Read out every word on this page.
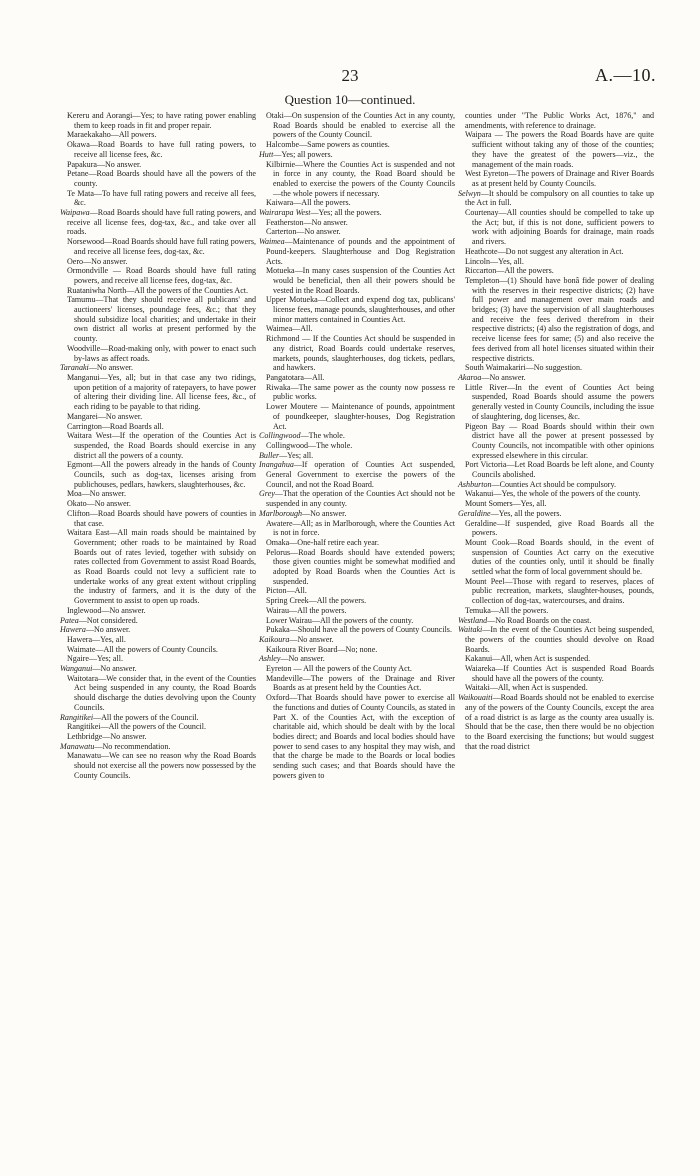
23	A.—10.
Question 10—continued.

Kereru and Aorangi—Yes; to have rating power enabling them to keep roads in fit and proper repair.

Maraekakaho—All powers.

Okawa—Road Boards to have full rating powers, to receive all license fees, &c.

Papakura—No answer.

Petane—Road Boards should have all the powers of the county.

Te Mata—To have full rating powers and receive all fees, &c.

Waipawa—Road Boards should have full rating powers, and receive all license fees, dog-tax, &c., and take over all roads.

Norsewood—Road Boards should have full rating powers, and receive all license fees, dog-tax, &c.

Oero—No answer.

Ormondville — Road Boards should have full rating powers, and receive all license fees, dog-tax, &c.

Ruataniwha North—All the powers of the Counties Act.

Tamumu—That they should receive all publicans' and auctioneers' licenses, poundage fees, &c.; that they should subsidize local charities; and undertake in their own district all works at present performed by the county.

Woodville—Road-making only, with power to enact such by-laws as affect roads.

Taranaki—No answer.

Manganui—Yes, all; but in that case any two ridings, upon petition of a majority of ratepayers, to have power of altering their dividing line. All license fees, &c., of each riding to be payable to that riding.

Mangarei—No answer.

Carrington—Road Boards all.

Waitara West—If the operation of the Counties Act is suspended, the Road Boards should exercise in any district all the powers of a county.

Egmont—All the powers already in the hands of County Councils, such as dog-tax, licenses arising from publichouses, pedlars, hawkers, slaughterhouses, &c.

Moa—No answer.

Okato—No answer.

Clifton—Road Boards should have powers of counties in that case.

Waitara East—All main roads should be maintained by Government; other roads to be maintained by Road Boards out of rates levied, together with subsidy on rates collected from Government to assist Road Boards, as Road Boards could not levy a sufficient rate to undertake works of any great extent without crippling the industry of farmers, and it is the duty of the Government to assist to open up roads.

Inglewood—No answer.

Patea—Not considered.

Hawera—No answer.

Hawera—Yes, all.

Waimate—All the powers of County Councils.

Ngaire—Yes; all.

Wanganui—No answer.

Waitotara—We consider that, in the event of the Counties Act being suspended in any county, the Road Boards should discharge the duties devolving upon the County Councils.

Rangitikei—All the powers of the Council.

Rangitikei—All the powers of the Council.

Lethbridge—No answer.

Manawatu—No recommendation.

Manawatu—We can see no reason why the Road Boards should not exercise all the powers now possessed by the County Councils.

Otaki—On suspension of the Counties Act in any county, Road Boards should be enabled to exercise all the powers of the County Council.

Halcombe—Same powers as counties.

Hutt—Yes; all powers.

Kilbirnie—Where the Counties Act is suspended and not in force in any county, the Road Board should be enabled to exercise the powers of the County Councils—the whole powers if necessary.

Kaiwara—All the powers.

Wairarapa West—Yes; all the powers.

Featherston—No answer.

Carterton—No answer.

Waimea—Maintenance of pounds and the appointment of Pound-keepers. Slaughterhouse and Dog Registration Acts.

Motueka—In many cases suspension of the Counties Act would be beneficial, then all their powers should be vested in the Road Boards.

Upper Motueka—Collect and expend dog tax, publicans' license fees, manage pounds, slaughterhouses, and other minor matters contained in Counties Act.

Waimea—All.

Richmond — If the Counties Act should be suspended in any district, Road Boards could undertake reserves, markets, pounds, slaughterhouses, dog tickets, pedlars, and hawkers.

Pangatotara—All.

Riwaka—The same power as the county now possess re public works.

Lower Moutere — Maintenance of pounds, appointment of poundkeeper, slaughter-houses, Dog Registration Act.

Collingwood—The whole.

Collingwood—The whole.

Buller—Yes; all.

Inangahua—If operation of Counties Act suspended, General Government to exercise the powers of the Council, and not the Road Board.

Grey—That the operation of the Counties Act should not be suspended in any county.

Marlborough—No answer.

Awatere—All; as in Marlborough, where the Counties Act is not in force.

Omaka—One-half retire each year.

Pelorus—Road Boards should have extended powers; those given counties might be somewhat modified and adopted by Road Boards when the Counties Act is suspended.

Picton—All.

Spring Creek—All the powers.

Wairau—All the powers.

Lower Wairau—All the powers of the county.

Pukaka—Should have all the powers of County Councils.

Kaikoura—No answer.

Kaikoura River Board—No; none.

Ashley—No answer.

Eyreton — All the powers of the County Act.

Mandeville—The powers of the Drainage and River Boards as at present held by the Counties Act.

Oxford—That Boards should have power to exercise all the functions and duties of County Councils, as stated in Part X. of the Counties Act, with the exception of charitable aid, which should be dealt with by the local bodies direct; and Boards and local bodies should have power to send cases to any hospital they may wish, and that the charge be made to the Boards or local bodies sending such cases; and that Boards should have the powers given to

counties under "The Public Works Act, 1876," and amendments, with reference to drainage.

Waipara — The powers the Road Boards have are quite sufficient without taking any of those of the counties; they have the greatest of the powers—viz., the management of the main roads.

West Eyreton—The powers of Drainage and River Boards as at present held by County Councils.

Selwyn—It should be compulsory on all counties to take up the Act in full.

Courtenay—All counties should be compelled to take up the Act; but, if this is not done, sufficient powers to work with adjoining Boards for drainage, main roads and rivers.

Heathcote—Do not suggest any alteration in Act.

Lincoln—Yes, all.

Riccarton—All the powers.

Templeton—(1) Should have bonâ fide power of dealing with the reserves in their respective districts; (2) have full power and management over main roads and bridges; (3) have the supervision of all slaughterhouses and receive the fees derived therefrom in their respective districts; (4) also the registration of dogs, and receive license fees for same; (5) and also receive the fees derived from all hotel licenses situated within their respective districts.

South Waimakariri—No suggestion.

Akaroa—No answer.

Little River—In the event of Counties Act being suspended, Road Boards should assume the powers generally vested in County Councils, including the issue of slaughtering, dog licenses, &c.

Pigeon Bay — Road Boards should within their own district have all the power at present possessed by County Councils, not incompatible with other opinions expressed elsewhere in this circular.

Port Victoria—Let Road Boards be left alone, and County Councils abolished.

Ashburton—Counties Act should be compulsory.

Wakanui—Yes, the whole of the powers of the county.

Mount Somers—Yes, all.

Geraldine—Yes, all the powers.

Geraldine—If suspended, give Road Boards all the powers.

Mount Cook—Road Boards should, in the event of suspension of Counties Act carry on the executive duties of the counties only, until it should be finally settled what the form of local government should be.

Mount Peel—Those with regard to reserves, places of public recreation, markets, slaughter-houses, pounds, collection of dog-tax, watercourses, and drains.

Temuka—All the powers.

Westland—No Road Boards on the coast.

Waitaki—In the event of the Counties Act being suspended, the powers of the counties should devolve on Road Boards.

Kakanui—All, when Act is suspended.

Waiareka—If Counties Act is suspended Road Boards should have all the powers of the county.

Waitaki—All, when Act is suspended.

Waikouaiti—Road Boards should not be enabled to exercise any of the powers of the County Councils, except the area of a road district is as large as the county area usually is. Should that be the case, then there would be no objection to the Board exercising the functions; but would suggest that the road district
